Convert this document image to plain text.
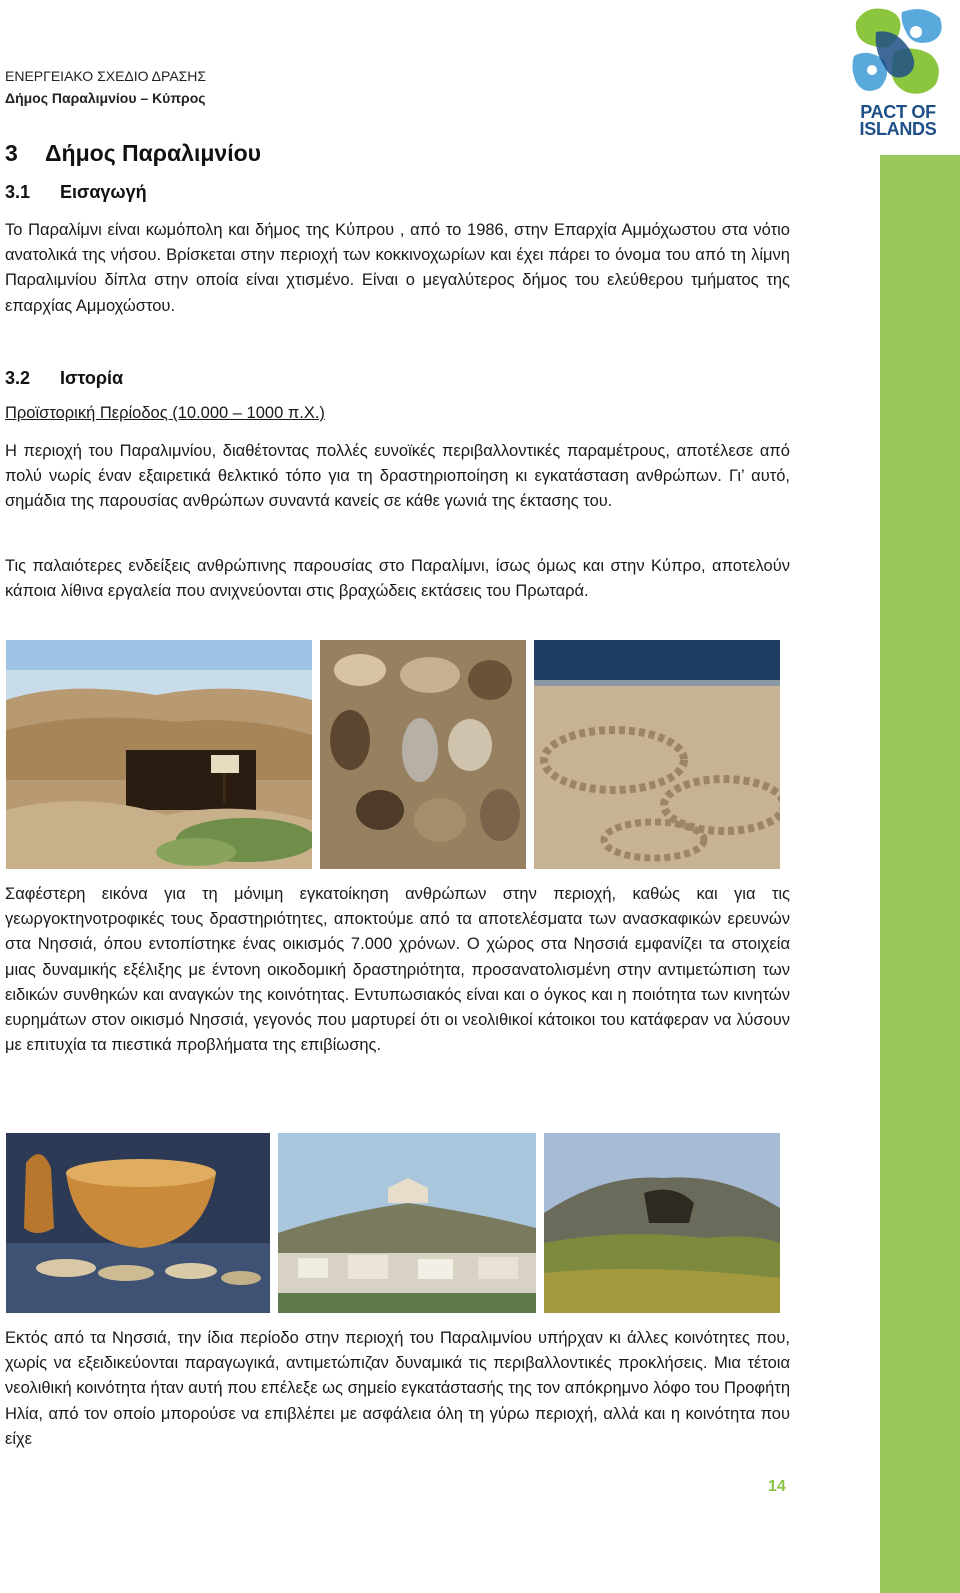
PACT OF
ISLANDS
ΕΝΕΡΓΕΙΑΚΟ ΣΧΕΔΙΟ ΔΡΑΣΗΣ
Δήμος Παραλιμνίου – Κύπρος
3 Δήμος Παραλιμνίου
3.1 Εισαγωγή
Το Παραλίμνι είναι κωμόπολη και δήμος της Κύπρου , από το 1986, στην Επαρχία Αμμόχωστου στα νότιο ανατολικά της νήσου. Βρίσκεται στην περιοχή των κοκκινοχωρίων και έχει πάρει το όνομα του από τη λίμνη Παραλιμνίου δίπλα στην οποία είναι χτισμένο. Είναι ο μεγαλύτερος δήμος του ελεύθερου τμήματος της επαρχίας Αμμοχώστου.
3.2 Ιστορία
Προϊστορική Περίοδος (10.000 – 1000 π.Χ.)
Η περιοχή του Παραλιμνίου, διαθέτοντας πολλές ευνοϊκές περιβαλλοντικές παραμέτρους, αποτέλεσε από πολύ νωρίς έναν εξαιρετικά θελκτικό τόπο για τη δραστηριοποίηση κι εγκατάσταση ανθρώπων. Γι’ αυτό, σημάδια της παρουσίας ανθρώπων συναντά κανείς σε κάθε γωνιά της έκτασης του.
Τις παλαιότερες ενδείξεις ανθρώπινης παρουσίας στο Παραλίμνι, ίσως όμως και στην Κύπρο, αποτελούν κάποια λίθινα εργαλεία που ανιχνεύονται στις βραχώδεις εκτάσεις του Πρωταρά.
Σαφέστερη εικόνα για τη μόνιμη εγκατοίκηση ανθρώπων στην περιοχή, καθώς και για τις γεωργοκτηνοτροφικές τους δραστηριότητες, αποκτούμε από τα αποτελέσματα των ανασκαφικών ερευνών στα Νησσιά, όπου εντοπίστηκε ένας οικισμός 7.000 χρόνων. Ο χώρος στα Νησσιά εμφανίζει τα στοιχεία μιας δυναμικής εξέλιξης με έντονη οικοδομική δραστηριότητα, προσανατολισμένη στην αντιμετώπιση των ειδικών συνθηκών και αναγκών της κοινότητας. Εντυπωσιακός είναι και ο όγκος και η ποιότητα των κινητών ευρημάτων στον οικισμό Νησσιά, γεγονός που μαρτυρεί ότι οι νεολιθικοί κάτοικοι του κατάφεραν να λύσουν με επιτυχία τα πιεστικά προβλήματα της επιβίωσης.
Εκτός από τα Νησσιά, την ίδια περίοδο στην περιοχή του Παραλιμνίου υπήρχαν κι άλλες κοινότητες που, χωρίς να εξειδικεύονται παραγωγικά, αντιμετώπιζαν δυναμικά τις περιβαλλοντικές προκλήσεις. Μια τέτοια νεολιθική κοινότητα ήταν αυτή που επέλεξε ως σημείο εγκατάστασής της τον απόκρημνο λόφο του Προφήτη Ηλία, από τον οποίο μπορούσε να επιβλέπει με ασφάλεια όλη τη γύρω περιοχή, αλλά και η κοινότητα που είχε
14
